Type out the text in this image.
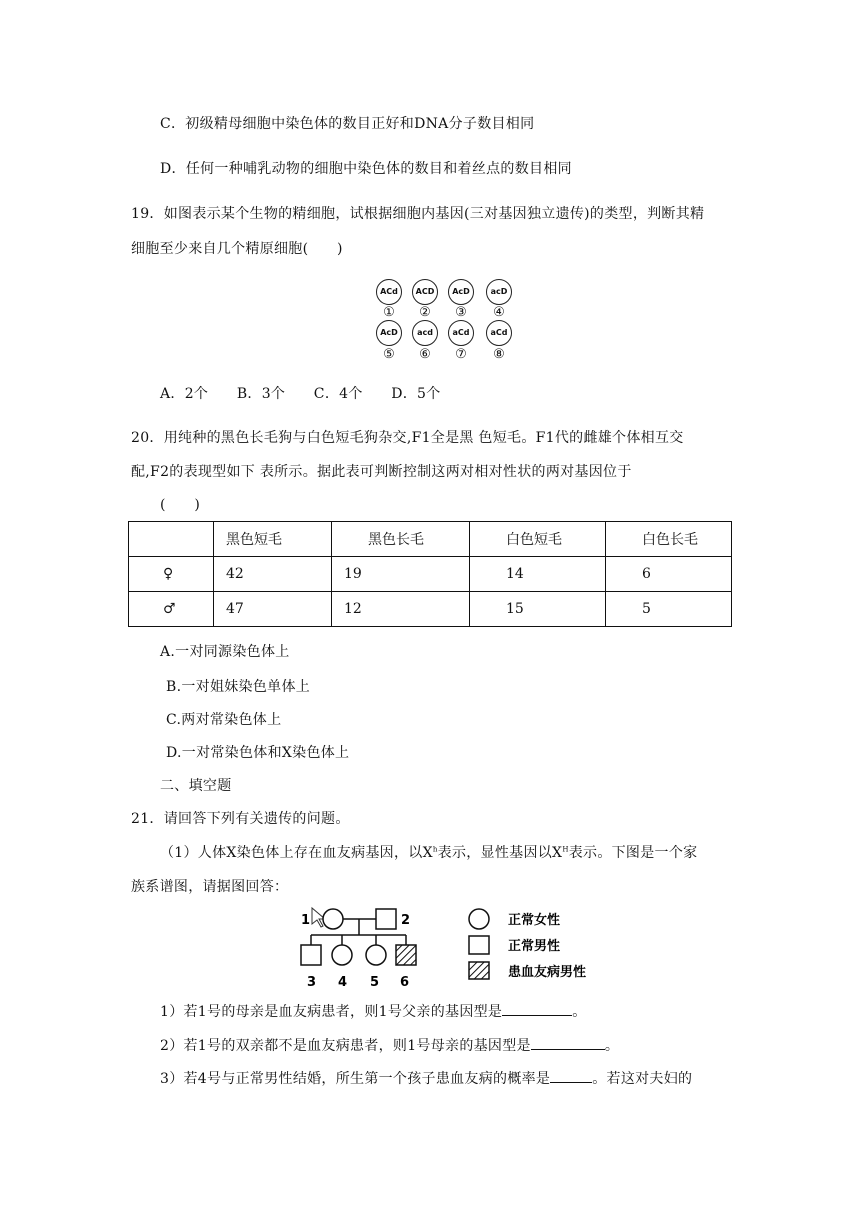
C．初级精母细胞中染色体的数目正好和DNA分子数目相同
D．任何一种哺乳动物的细胞中染色体的数目和着丝点的数目相同
19．如图表示某个生物的精细胞，试根据细胞内基因(三对基因独立遗传)的类型，判断其精
细胞至少来自几个精原细胞(　　)
ACd	ACD	AcD	acD
①	②	③	④
AcD	acd	aCd	aCd
⑤	⑥	⑦	⑧
A．2个　　B．3个　　C．4个　　D．5个
20．用纯种的黑色长毛狗与白色短毛狗杂交,F1全是黑 色短毛。F1代的雌雄个体相互交
配,F2的表现型如下 表所示。据此表可判断控制这两对相对性状的两对基因位于
(　　)
	黑色短毛	黑色长毛	白色短毛	白色长毛
♀	42	19	14	6
♂	47	12	15	5
A.一对同源染色体上
B.一对姐妹染色单体上
C.两对常染色体上
D.一对常染色体和X染色体上
二、填空题
21．请回答下列有关遗传的问题。
（1）人体X染色体上存在血友病基因，以$X^h$表示，显性基因以$X^H$表示。下图是一个家
族系谱图，请据图回答：
1	2
3 4 5 6
正常女性
正常男性
患血友病男性
1）若1号的母亲是血友病患者，则1号父亲的基因型是	。
2）若1号的双亲都不是血友病患者，则1号母亲的基因型是	。
3）若4号与正常男性结婚，所生第一个孩子患血友病的概率是	。若这对夫妇的
